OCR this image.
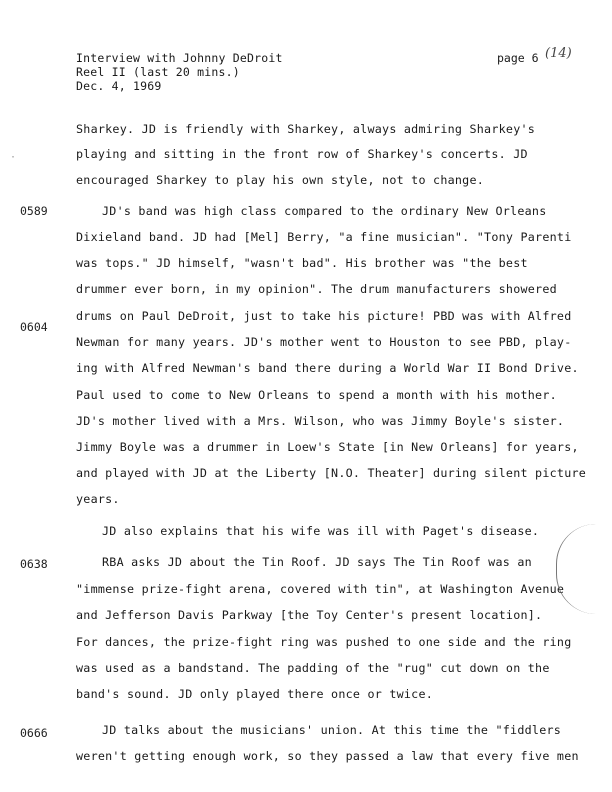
Interview with Johnny DeDroit
Reel II (last 20 mins.)
Dec. 4, 1969
page 6 (14)
·
0589
0604
0638
0666
Sharkey. JD is friendly with Sharkey, always admiring Sharkey's
playing and sitting in the front row of Sharkey's concerts. JD
encouraged Sharkey to play his own style, not to change.
JD's band was high class compared to the ordinary New Orleans
Dixieland band. JD had [Mel] Berry, "a fine musician". "Tony Parenti
was tops." JD himself, "wasn't bad". His brother was "the best
drummer ever born, in my opinion". The drum manufacturers showered
drums on Paul DeDroit, just to take his picture! PBD was with Alfred
Newman for many years. JD's mother went to Houston to see PBD, play-
ing with Alfred Newman's band there during a World War II Bond Drive.
Paul used to come to New Orleans to spend a month with his mother.
JD's mother lived with a Mrs. Wilson, who was Jimmy Boyle's sister.
Jimmy Boyle was a drummer in Loew's State [in New Orleans] for years,
and played with JD at the Liberty [N.O. Theater] during silent picture
years.
JD also explains that his wife was ill with Paget's disease.
RBA asks JD about the Tin Roof. JD says The Tin Roof was an
"immense prize-fight arena, covered with tin", at Washington Avenue
and Jefferson Davis Parkway [the Toy Center's present location].
For dances, the prize-fight ring was pushed to one side and the ring
was used as a bandstand. The padding of the "rug" cut down on the
band's sound. JD only played there once or twice.
JD talks about the musicians' union. At this time the "fiddlers
weren't getting enough work, so they passed a law that every five men
